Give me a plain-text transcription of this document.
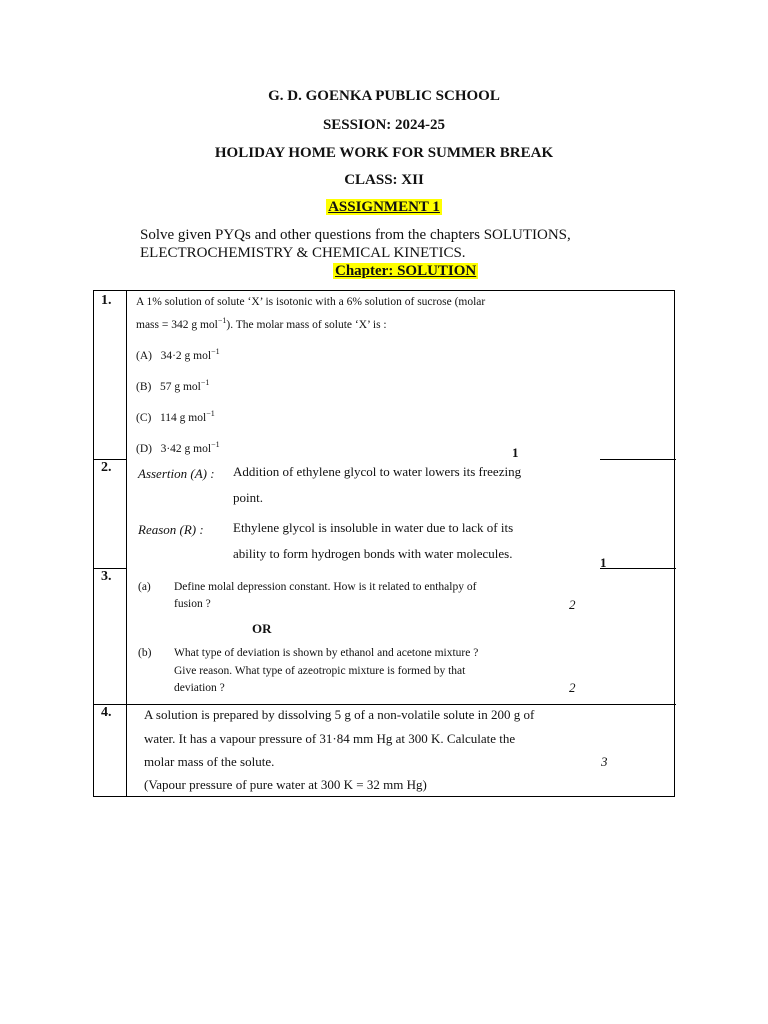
G. D. GOENKA PUBLIC SCHOOL
SESSION: 2024-25
HOLIDAY HOME WORK FOR SUMMER BREAK
CLASS: XII
ASSIGNMENT 1
Solve given PYQs and other questions from the chapters SOLUTIONS,
ELECTROCHEMISTRY & CHEMICAL KINETICS.
Chapter: SOLUTION
1. A 1% solution of solute ‘X’ is isotonic with a 6% solution of sucrose (molar
mass = 342 g mol$^{-1}$). The molar mass of solute ‘X’ is :
(A) 34·2 g mol$^{-1}$
(B) 57 g mol$^{-1}$
(C) 114 g mol$^{-1}$
(D) 3·42 g mol$^{-1}$
1
2. Assertion (A) : Addition of ethylene glycol to water lowers its freezing
point.
Reason (R) : Ethylene glycol is insoluble in water due to lack of its
ability to form hydrogen bonds with water molecules.
1
3.
(a) Define molal depression constant. How is it related to enthalpy of
fusion ?	2
OR
(b) What type of deviation is shown by ethanol and acetone mixture ?
Give reason. What type of azeotropic mixture is formed by that
deviation ?	2
4.	A solution is prepared by dissolving 5 g of a non-volatile solute in 200 g of
water. It has a vapour pressure of 31·84 mm Hg at 300 K. Calculate the
molar mass of the solute.
(Vapour pressure of pure water at 300 K = 32 mm Hg)
3
